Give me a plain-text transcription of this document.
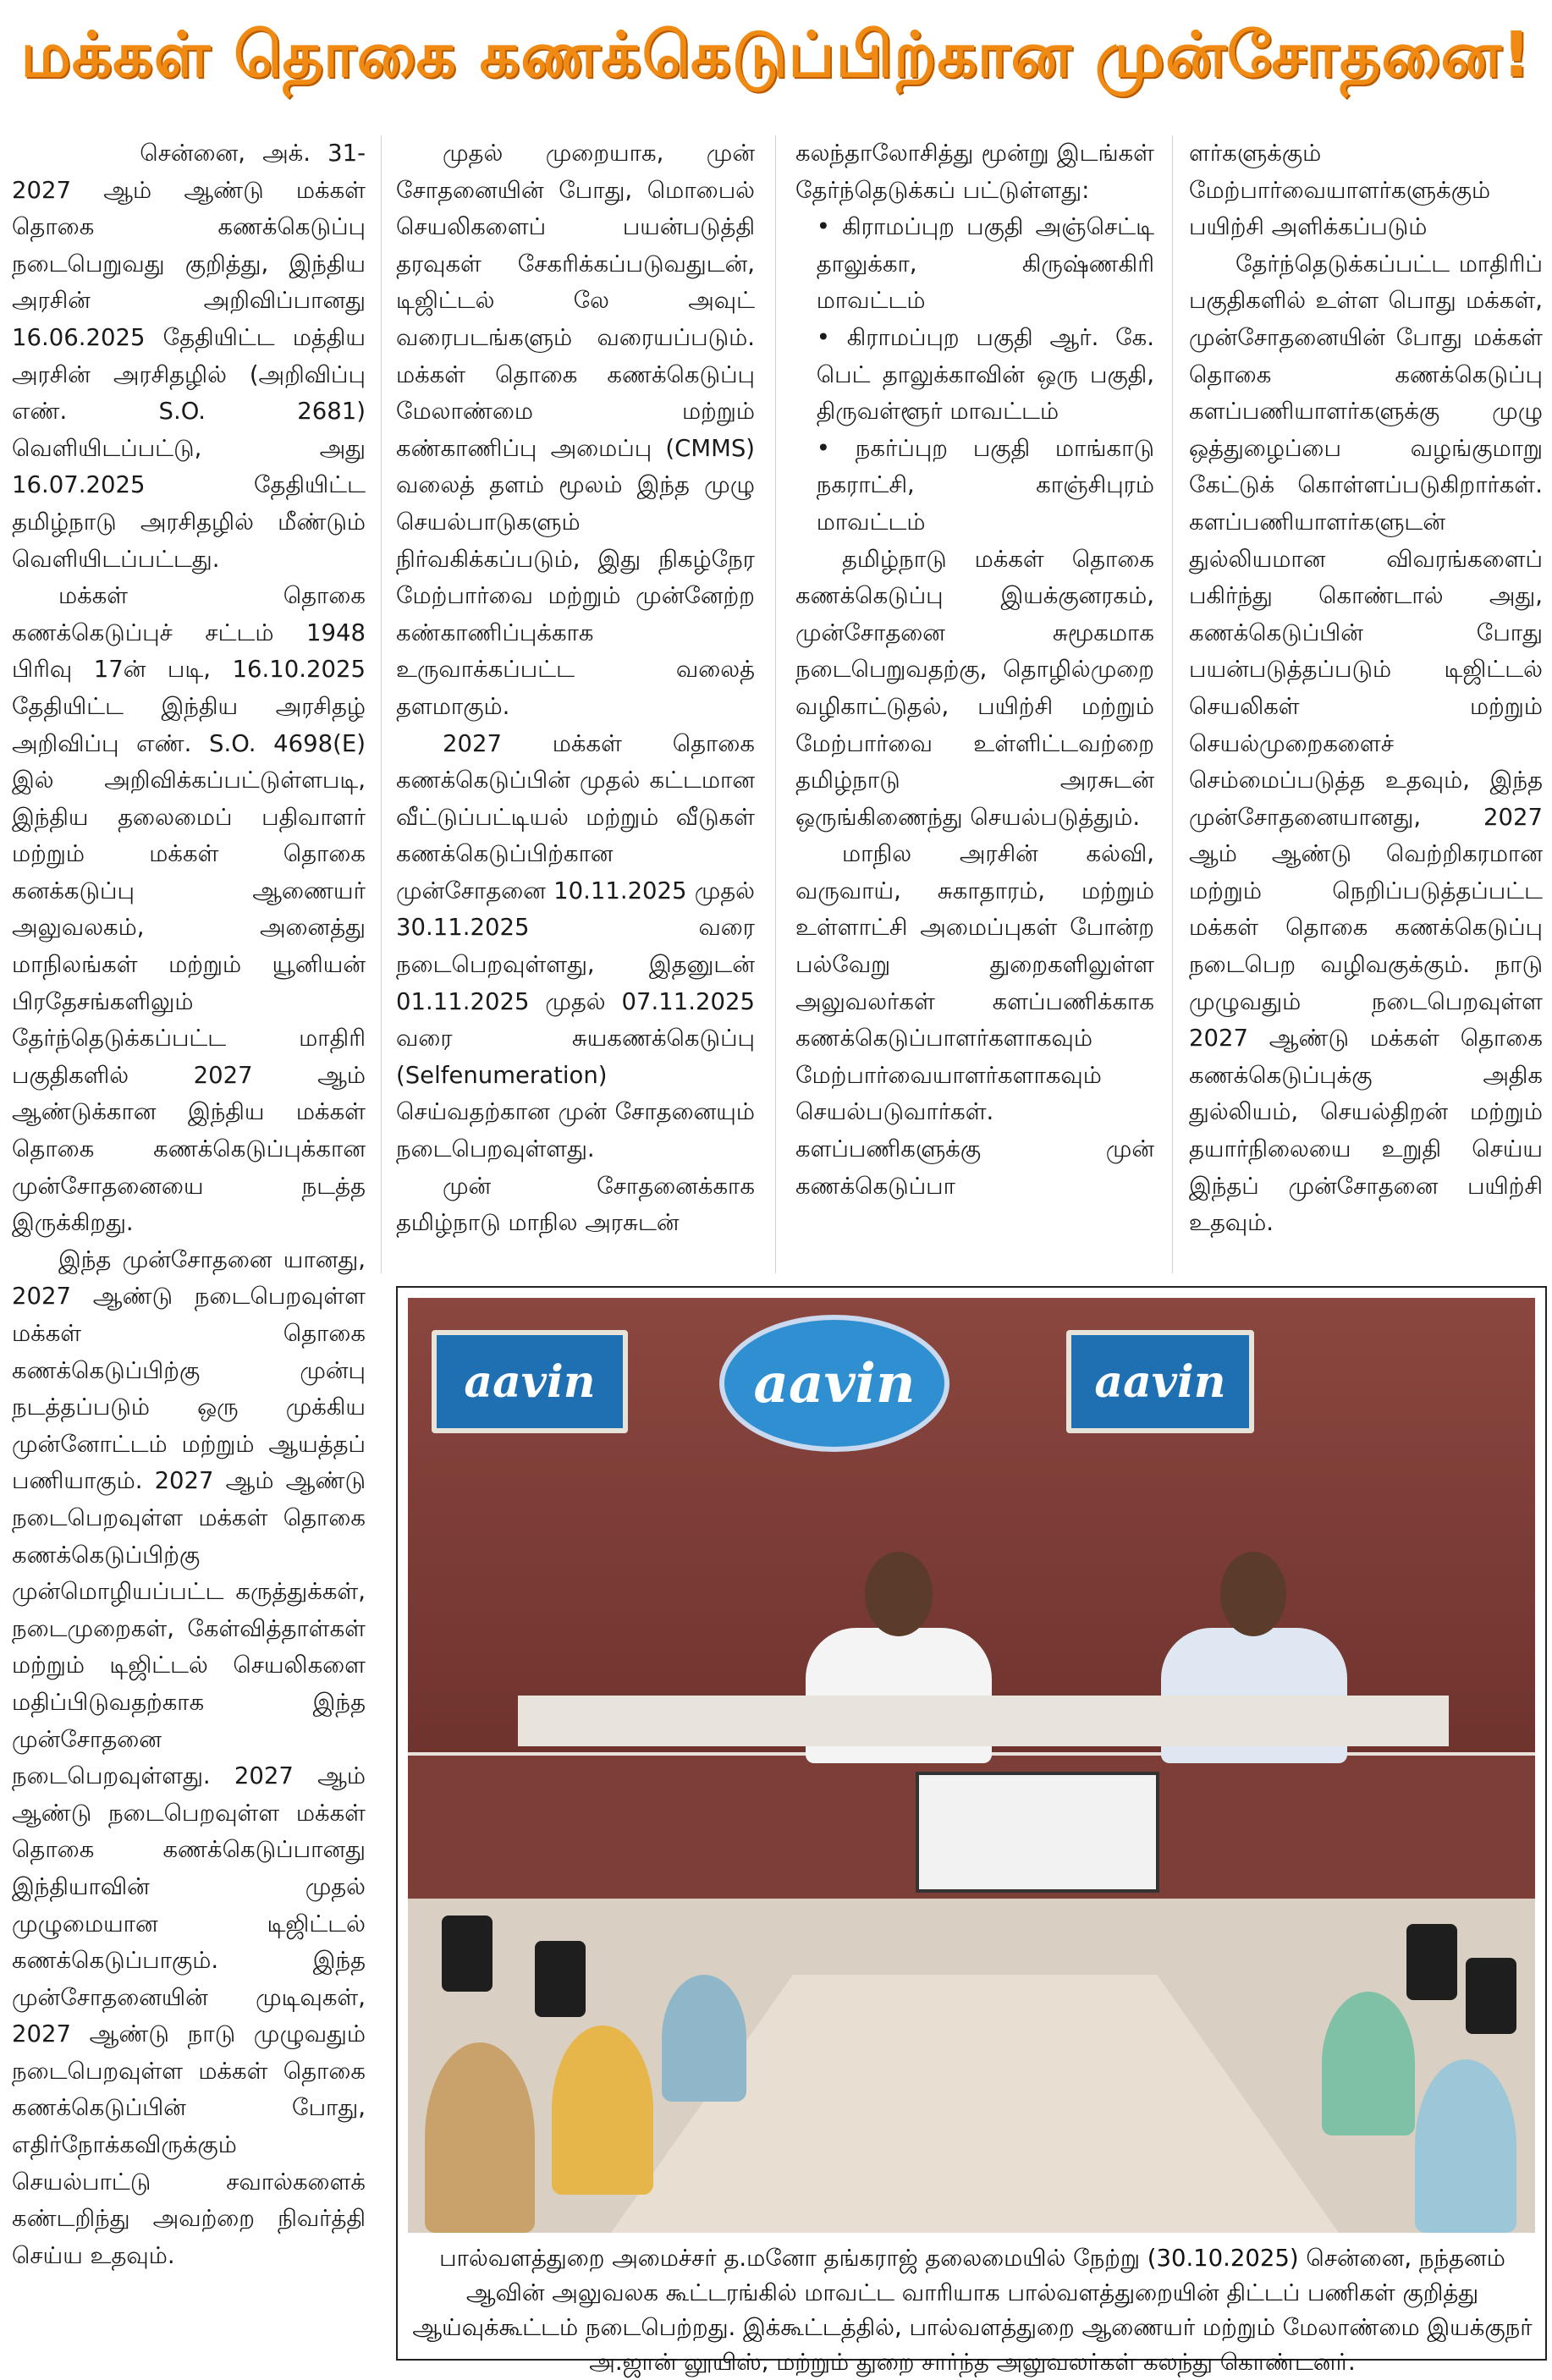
மக்கள் தொகை கணக்கெடுப்பிற்கான முன்சோதனை!

சென்னை, அக். 31- 2027 ஆம் ஆண்டு மக்கள் தொகை கணக்கெடுப்பு நடைபெறுவது குறித்து, இந்திய அரசின் அறிவிப்பானது 16.06.2025 தேதியிட்ட மத்திய அரசின் அரசிதழில் (அறிவிப்பு எண். S.O. 2681) வெளியிடப்பட்டு, அது 16.07.2025 தேதியிட்ட தமிழ்நாடு அரசிதழில் மீண்டும் வெளியிடப்பட்டது.

மக்கள் தொகை கணக்கெடுப்புச் சட்டம் 1948 பிரிவு 17ன் படி, 16.10.2025 தேதியிட்ட இந்திய அரசிதழ் அறிவிப்பு எண். S.O. 4698(E) இல் அறிவிக்கப்பட்டுள்ளபடி, இந்திய தலைமைப் பதிவாளர் மற்றும் மக்கள் தொகை கனக்கடுப்பு ஆணையர் அலுவலகம், அனைத்து மாநிலங்கள் மற்றும் யூனியன் பிரதேசங்களிலும் தேர்ந்தெடுக்கப்பட்ட மாதிரி பகுதிகளில் 2027 ஆம் ஆண்டுக்கான இந்திய மக்கள் தொகை கணக்கெடுப்புக்கான முன்சோதனையை நடத்த இருக்கிறது.

இந்த முன்சோதனை யானது, 2027 ஆண்டு நடைபெறவுள்ள மக்கள் தொகை கணக்கெடுப்பிற்கு முன்பு நடத்தப்படும் ஒரு முக்கிய முன்னோட்டம் மற்றும் ஆயத்தப் பணியாகும். 2027 ஆம் ஆண்டு நடைபெறவுள்ள மக்கள் தொகை கணக்கெடுப்பிற்கு முன்மொழியப்பட்ட கருத்துக்கள், நடைமுறைகள், கேள்வித்தாள்கள் மற்றும் டிஜிட்டல் செயலிகளை மதிப்பிடுவதற்காக இந்த முன்சோதனை நடைபெறவுள்ளது. 2027 ஆம் ஆண்டு நடைபெறவுள்ள மக்கள் தொகை கணக்கெடுப்பானது இந்தியாவின் முதல் முழுமையான டிஜிட்டல் கணக்கெடுப்பாகும். இந்த முன்சோதனையின் முடிவுகள், 2027 ஆண்டு நாடு முழுவதும் நடைபெறவுள்ள மக்கள் தொகை கணக்கெடுப்பின் போது, எதிர்நோக்கவிருக்கும் செயல்பாட்டு சவால்களைக் கண்டறிந்து அவற்றை நிவர்த்தி செய்ய உதவும்.

முதல் முறையாக, முன் சோதனையின் போது, மொபைல் செயலிகளைப் பயன்படுத்தி தரவுகள் சேகரிக்கப்படுவதுடன், டிஜிட்டல் லே அவுட் வரைபடங்களும் வரையப்படும். மக்கள் தொகை கணக்கெடுப்பு மேலாண்மை மற்றும் கண்காணிப்பு அமைப்பு (CMMS) வலைத் தளம் மூலம் இந்த முழு செயல்பாடுகளும் நிர்வகிக்கப்படும், இது நிகழ்நேர மேற்பார்வை மற்றும் முன்னேற்ற கண்காணிப்புக்காக உருவாக்கப்பட்ட வலைத் தளமாகும்.

2027 மக்கள் தொகை கணக்கெடுப்பின் முதல் கட்டமான வீட்டுப்பட்டியல் மற்றும் வீடுகள் கணக்கெடுப்பிற்கான முன்சோதனை 10.11.2025 முதல் 30.11.2025 வரை நடைபெறவுள்ளது, இதனுடன் 01.11.2025 முதல் 07.11.2025 வரை சுயகணக்கெடுப்பு (Selfenumeration) செய்வதற்கான முன் சோதனையும் நடைபெறவுள்ளது.

முன் சோதனைக்காக தமிழ்நாடு மாநில அரசுடன்

கலந்தாலோசித்து மூன்று இடங்கள் தேர்ந்தெடுக்கப் பட்டுள்ளது:

• கிராமப்புற பகுதி அஞ்செட்டி தாலுக்கா, கிருஷ்ணகிரி மாவட்டம்
• கிராமப்புற பகுதி ஆர். கே. பெட் தாலுக்காவின் ஒரு பகுதி, திருவள்ளூர் மாவட்டம்
• நகர்ப்புற பகுதி மாங்காடு நகராட்சி, காஞ்சிபுரம் மாவட்டம்

தமிழ்நாடு மக்கள் தொகை கணக்கெடுப்பு இயக்குனரகம், முன்சோதனை சுமூகமாக நடைபெறுவதற்கு, தொழில்முறை வழிகாட்டுதல், பயிற்சி மற்றும் மேற்பார்வை உள்ளிட்டவற்றை தமிழ்நாடு அரசுடன் ஒருங்கிணைந்து செயல்படுத்தும்.

மாநில அரசின் கல்வி, வருவாய், சுகாதாரம், மற்றும் உள்ளாட்சி அமைப்புகள் போன்ற பல்வேறு துறைகளிலுள்ள அலுவலர்கள் களப்பணிக்காக கணக்கெடுப்பாளர்களாகவும் மேற்பார்வையாளர்களாகவும் செயல்படுவார்கள். களப்பணிகளுக்கு முன் கணக்கெடுப்பா

ளர்களுக்கும் மேற்பார்வையாளர்களுக்கும் பயிற்சி அளிக்கப்படும்

தேர்ந்தெடுக்கப்பட்ட மாதிரிப் பகுதிகளில் உள்ள பொது மக்கள், முன்சோதனையின் போது மக்கள் தொகை கணக்கெடுப்பு களப்பணியாளர்களுக்கு முழு ஒத்துழைப்பை வழங்குமாறு கேட்டுக் கொள்ளப்படுகிறார்கள். களப்பணியாளர்களுடன் துல்லியமான விவரங்களைப் பகிர்ந்து கொண்டால் அது, கணக்கெடுப்பின் போது பயன்படுத்தப்படும் டிஜிட்டல் செயலிகள் மற்றும் செயல்முறைகளைச் செம்மைப்படுத்த உதவும், இந்த முன்சோதனையானது, 2027 ஆம் ஆண்டு வெற்றிகரமான மற்றும் நெறிப்படுத்தப்பட்ட மக்கள் தொகை கணக்கெடுப்பு நடைபெற வழிவகுக்கும். நாடு முழுவதும் நடைபெறவுள்ள 2027 ஆண்டு மக்கள் தொகை கணக்கெடுப்புக்கு அதிக துல்லியம், செயல்திறன் மற்றும் தயார்நிலையை உறுதி செய்ய இந்தப் முன்சோதனை பயிற்சி உதவும்.

aavin	aavin	aavin
பால்வளத்துறை அமைச்சர் த.மனோ தங்கராஜ் தலைமையில் நேற்று (30.10.2025) சென்னை, நந்தனம் ஆவின் அலுவலக கூட்டரங்கில் மாவட்ட வாரியாக பால்வளத்துறையின் திட்டப் பணிகள் குறித்து ஆய்வுக்கூட்டம் நடைபெற்றது. இக்கூட்டத்தில், பால்வளத்துறை ஆணையர் மற்றும் மேலாண்மை இயக்குநர் அ.ஜான் லூயிஸ், மற்றும் துறை சார்ந்த அலுவலர்கள் கலந்து கொண்டனர்.
